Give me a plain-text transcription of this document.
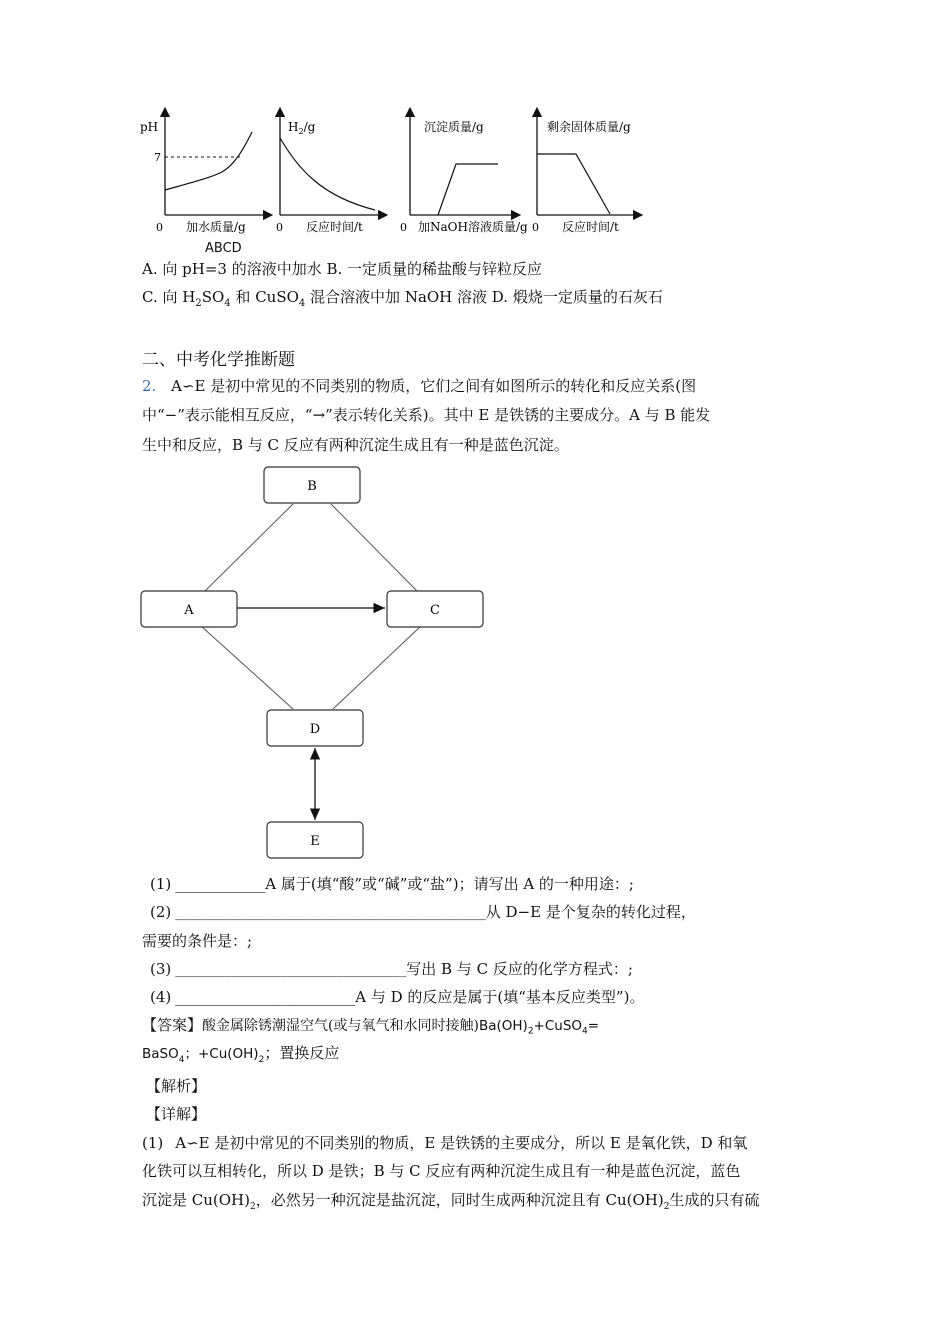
pH
7
0 加水质量/g
$H_2/g$
0 反应时间/t
沉淀质量/g
0 加NaOH溶液质量/g
剩余固体质量/g
0 反应时间/t
ABCD
A. 向 pH=3 的溶液中加水 B. 一定质量的稀盐酸与锌粒反应
C. 向 $H_2SO_4$ 和 CuSO$_4$ 混合溶液中加 NaOH 溶液 D. 煅烧一定质量的石灰石
二、中考化学推断题
2. A∽E 是初中常见的不同类别的物质，它们之间有如图所示的转化和反应关系(图
中“−”表示能相互反应，“→”表示转化关系)。其中 E 是铁锈的主要成分。A 与 B 能发
生中和反应，B 与 C 反应有两种沉淀生成且有一种是蓝色沉淀。
B
A	C
D
E
(1) ____________A 属于(填“酸”或“碱”或“盐”)；请写出 A 的一种用途：;
(2) ______________________________________________从 D−E 是个复杂的转化过程，
需要的条件是：;
(3) _________________________________写出 B 与 C 反应的化学方程式：;
(4) ________________________A 与 D 的反应是属于(填“基本反应类型”)。
【答案】酸金属除锈潮湿空气(或与氧气和水同时接触)$Ba(OH)_2+CuSO_4=$
BaSO$_4$；$+Cu(OH)_2$；置换反应
【解析】
【详解】
(1) A∽E 是初中常见的不同类别的物质，E 是铁锈的主要成分，所以 E 是氧化铁，D 和氧
化铁可以互相转化，所以 D 是铁；B 与 C 反应有两种沉淀生成且有一种是蓝色沉淀，蓝色
沉淀是 $Cu(OH)_2$，必然另一种沉淀是盐沉淀，同时生成两种沉淀且有 $Cu(OH)_2$生成的只有硫
